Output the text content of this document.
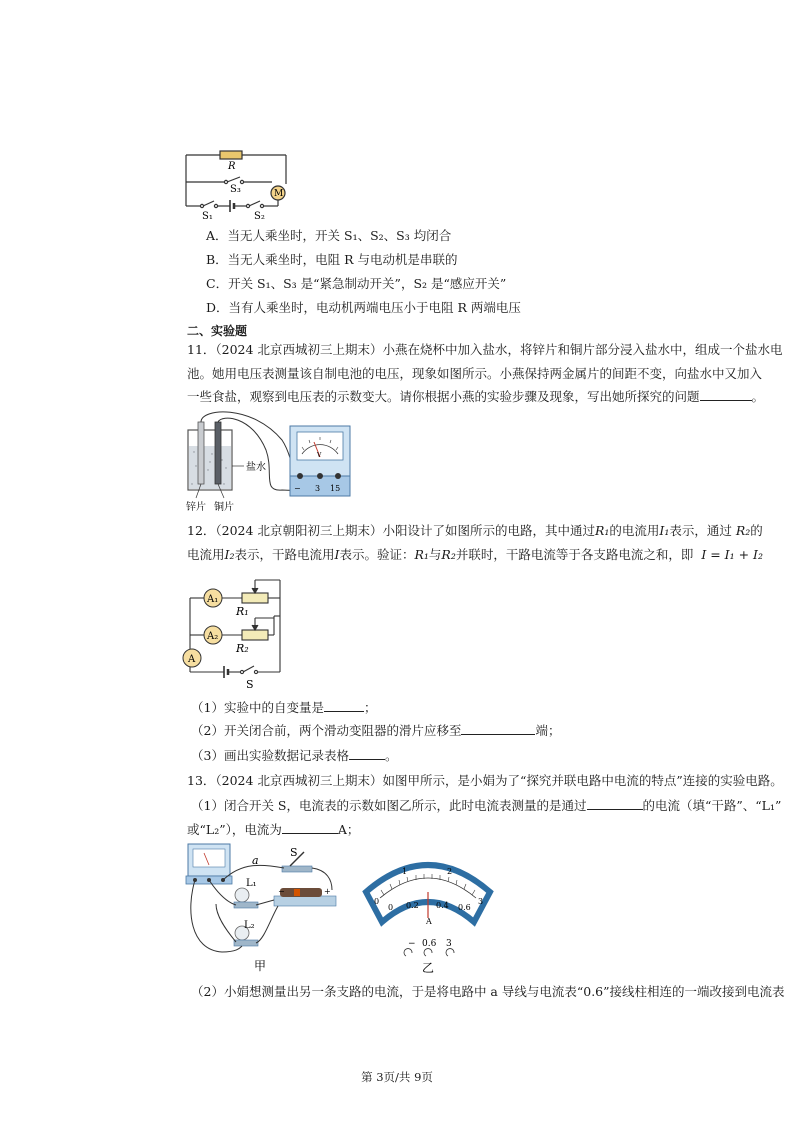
R
S₃	M
S₁	S₂
A．当无人乘坐时，开关 S₁、S₂、S₃ 均闭合
B．当无人乘坐时，电阻 R 与电动机是串联的
C．开关 S₁、S₃ 是“紧急制动开关”，S₂ 是“感应开关”
D．当有人乘坐时，电动机两端电压小于电阻 R 两端电压
二、实验题
11．（2024 北京西城初三上期末）小燕在烧杯中加入盐水，将锌片和铜片部分浸入盐水中，组成一个盐水电
池。她用电压表测量该自制电池的电压，现象如图所示。小燕保持两金属片的间距不变，向盐水中又加入
一些食盐，观察到电压表的示数变大。请你根据小燕的实验步骤及现象，写出她所探究的问题	。
盐水
锌片 铜片
V
− 3 15
12．（2024 北京朝阳初三上期末）小阳设计了如图所示的电路，其中通过R₁的电流用I₁表示，通过 R₂的
电流用I₂表示，干路电流用I表示。验证：R₁与R₂并联时，干路电流等于各支路电流之和，即 I = I₁ + I₂
A₁
A₂
A
R₁
R₂
S
（1）实验中的自变量是	；
（2）开关闭合前，两个滑动变阻器的滑片应移至	端；
（3）画出实验数据记录表格	。
13．（2024 北京西城初三上期末）如图甲所示，是小娟为了“探究并联电路中电流的特点”连接的实验电路。
（1）闭合开关 S，电流表的示数如图乙所示，此时电流表测量的是通过	的电流（填“干路”、“L₁”
或“L₂”），电流为	A；
a
S
L₁
L₂
−	+
甲
0
1	2
3
0 0.2 0.4 0.6
A
− 0.6 3
乙
（2）小娟想测量出另一条支路的电流，于是将电路中 a 导线与电流表“0.6”接线柱相连的一端改接到电流表
第 3页/共 9页
